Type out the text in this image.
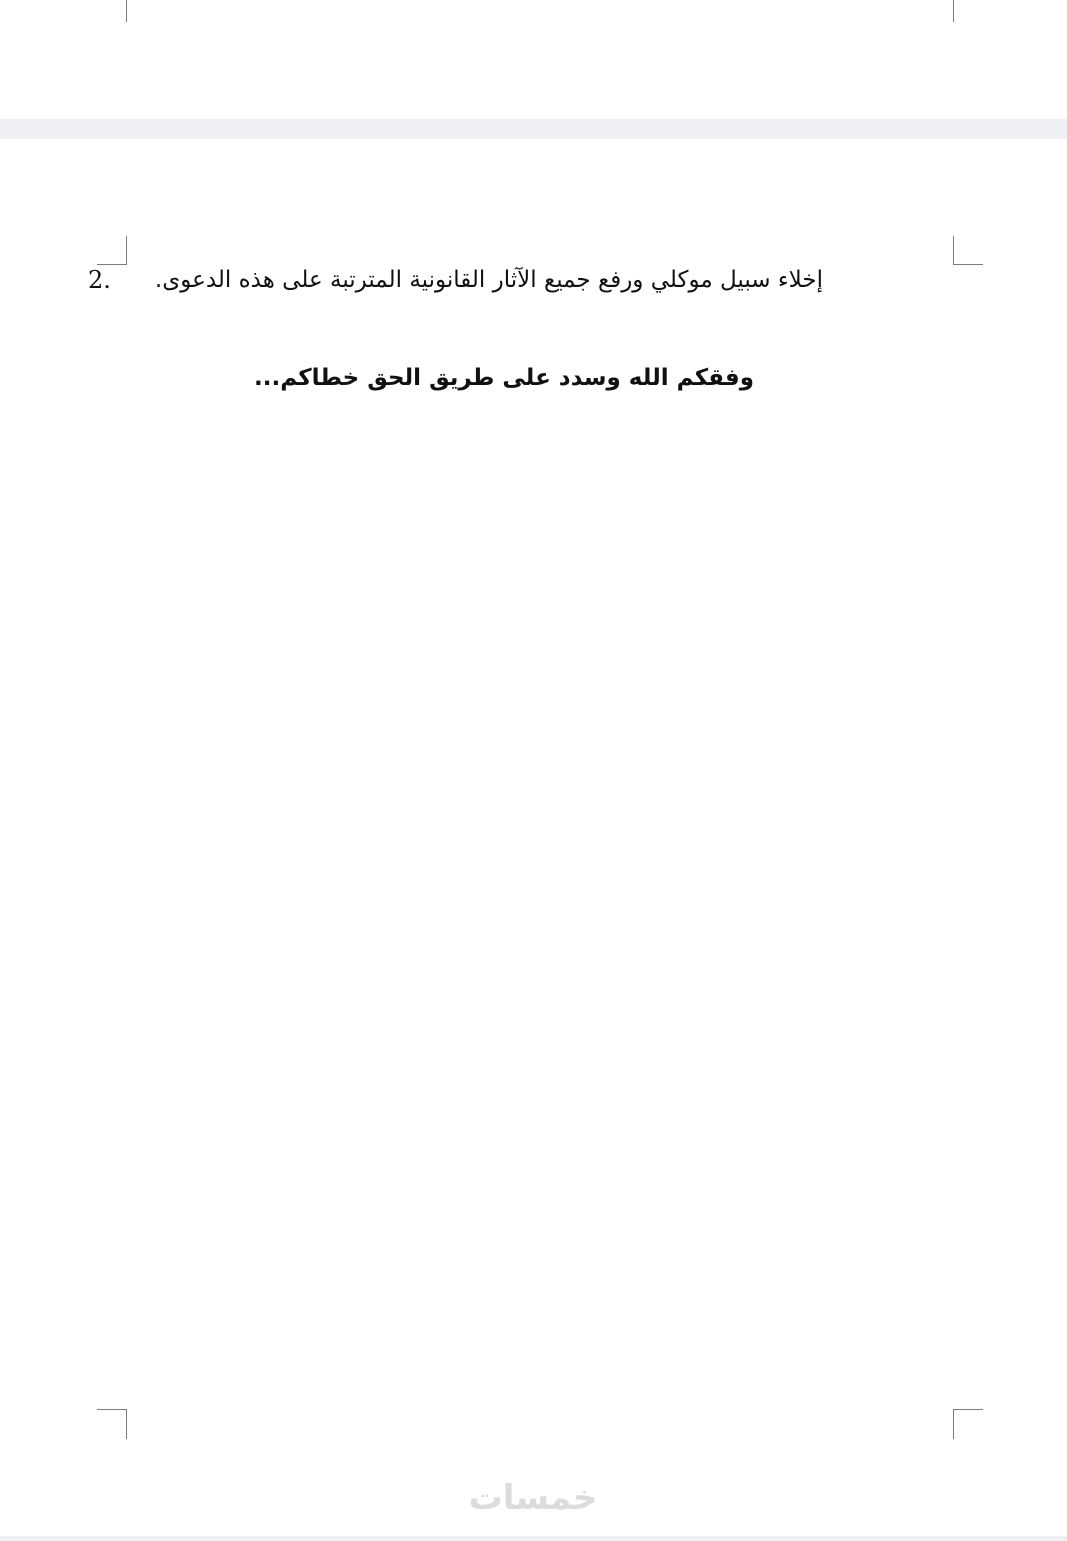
2. إخلاء سبيل موكلي ورفع جميع الآثار القانونية المترتبة على هذه الدعوى.
وفقكم الله وسدد على طريق الحق خطاكم...
خمسات
